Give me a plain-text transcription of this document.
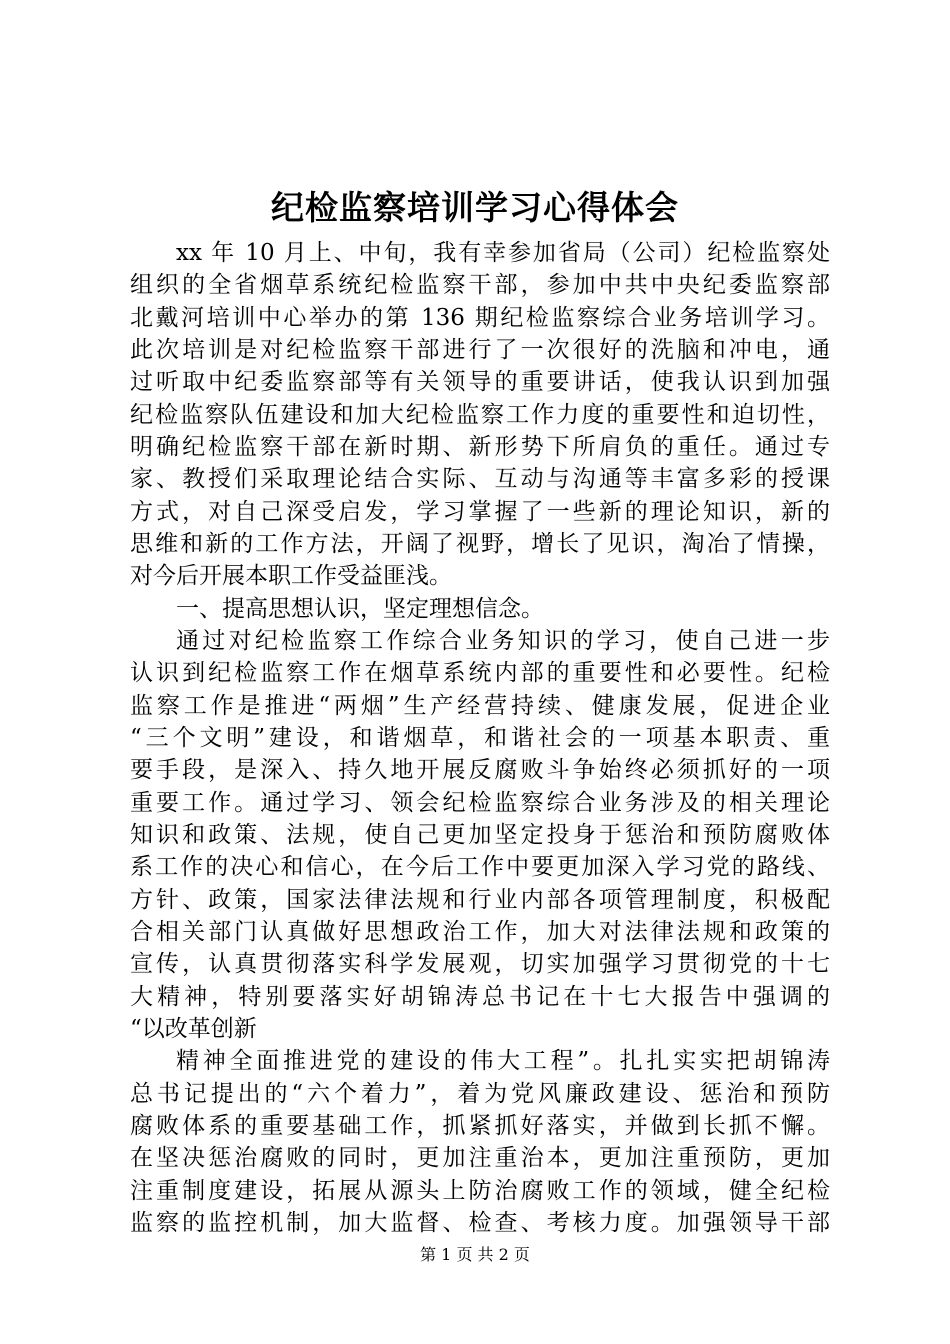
纪检监察培训学习心得体会
xx 年 10 月上、中旬，我有幸参加省局（公司）纪检监察处
组织的全省烟草系统纪检监察干部，参加中共中央纪委监察部
北戴河培训中心举办的第 136 期纪检监察综合业务培训学习。
此次培训是对纪检监察干部进行了一次很好的洗脑和冲电，通
过听取中纪委监察部等有关领导的重要讲话，使我认识到加强
纪检监察队伍建设和加大纪检监察工作力度的重要性和迫切性，
明确纪检监察干部在新时期、新形势下所肩负的重任。通过专
家、教授们采取理论结合实际、互动与沟通等丰富多彩的授课
方式，对自己深受启发，学习掌握了一些新的理论知识，新的
思维和新的工作方法，开阔了视野，增长了见识，淘冶了情操，
对今后开展本职工作受益匪浅。
一、提高思想认识，坚定理想信念。
通过对纪检监察工作综合业务知识的学习，使自己进一步
认识到纪检监察工作在烟草系统内部的重要性和必要性。纪检
监察工作是推进“两烟”生产经营持续、健康发展，促进企业
“三个文明”建设，和谐烟草，和谐社会的一项基本职责、重
要手段，是深入、持久地开展反腐败斗争始终必须抓好的一项
重要工作。通过学习、领会纪检监察综合业务涉及的相关理论
知识和政策、法规，使自己更加坚定投身于惩治和预防腐败体
系工作的决心和信心，在今后工作中要更加深入学习党的路线、
方针、政策，国家法律法规和行业内部各项管理制度，积极配
合相关部门认真做好思想政治工作，加大对法律法规和政策的
宣传，认真贯彻落实科学发展观，切实加强学习贯彻党的十七
大精神，特别要落实好胡锦涛总书记在十七大报告中强调的
“以改革创新
精神全面推进党的建设的伟大工程”。扎扎实实把胡锦涛
总书记提出的“六个着力”，着为党风廉政建设、惩治和预防
腐败体系的重要基础工作，抓紧抓好落实，并做到长抓不懈。
在坚决惩治腐败的同时，更加注重治本，更加注重预防，更加
注重制度建设，拓展从源头上防治腐败工作的领域，健全纪检
监察的监控机制，加大监督、检查、考核力度。加强领导干部
第 1 页 共 2 页
